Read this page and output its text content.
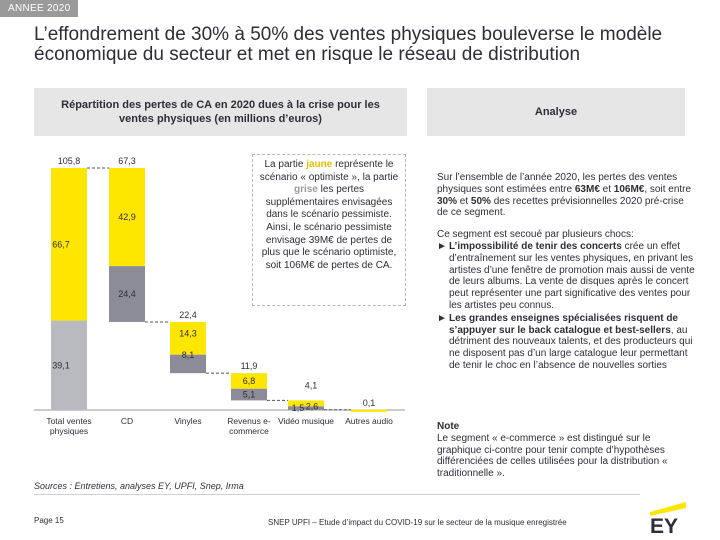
ANNEE 2020
L’effondrement de 30% à 50% des ventes physiques bouleverse le modèle économique du secteur et met en risque le réseau de distribution
Répartition des pertes de CA en 2020 dues à la crise pour les ventes physiques (en millions d’euros)
Analyse
105,8
66,7
39,1
67,3
42,9
24,4
22,4
14,3
8,1
11,9
6,8
5,1
4,1
2,6
1,5	0,1
Total ventes physiques
CD	Vinyles	Revenus e-commerce
Vidéo musique Autres audio
La partie jaune représente le scénario « optimiste », la partie grise les pertes supplémentaires envisagées dans le scénario pessimiste. Ainsi, le scénario pessimiste envisage 39M€ de pertes de plus que le scénario optimiste, soit 106M€ de pertes de CA.

Sur l’ensemble de l’année 2020, les pertes des ventes physiques sont estimées entre 63M€ et 106M€, soit entre 30% et 50% des recettes prévisionnelles 2020 pré-crise de ce segment.

Ce segment est secoué par plusieurs chocs:
► L’impossibilité de tenir des concerts crée un effet d’entraînement sur les ventes physiques, en privant les artistes d’une fenêtre de promotion mais aussi de vente de leurs albums. La vente de disques après le concert peut représenter une part significative des ventes pour les artistes peu connus.
► Les grandes enseignes spécialisées risquent de s’appuyer sur le back catalogue et best-sellers, au détriment des nouveaux talents, et des producteurs qui ne disposent pas d’un large catalogue leur permettant de tenir le choc en l’absence de nouvelles sorties
Note
Le segment « e-commerce » est distingué sur le graphique ci-contre pour tenir compte d’hypothèses différenciées de celles utilisées pour la distribution « traditionnelle ».
Sources : Entretiens, analyses EY, UPFI, Snep, Irma
Page 15	SNEP UPFI – Etude d’impact du COVID-19 sur le secteur de la musique enregistrée	EY
